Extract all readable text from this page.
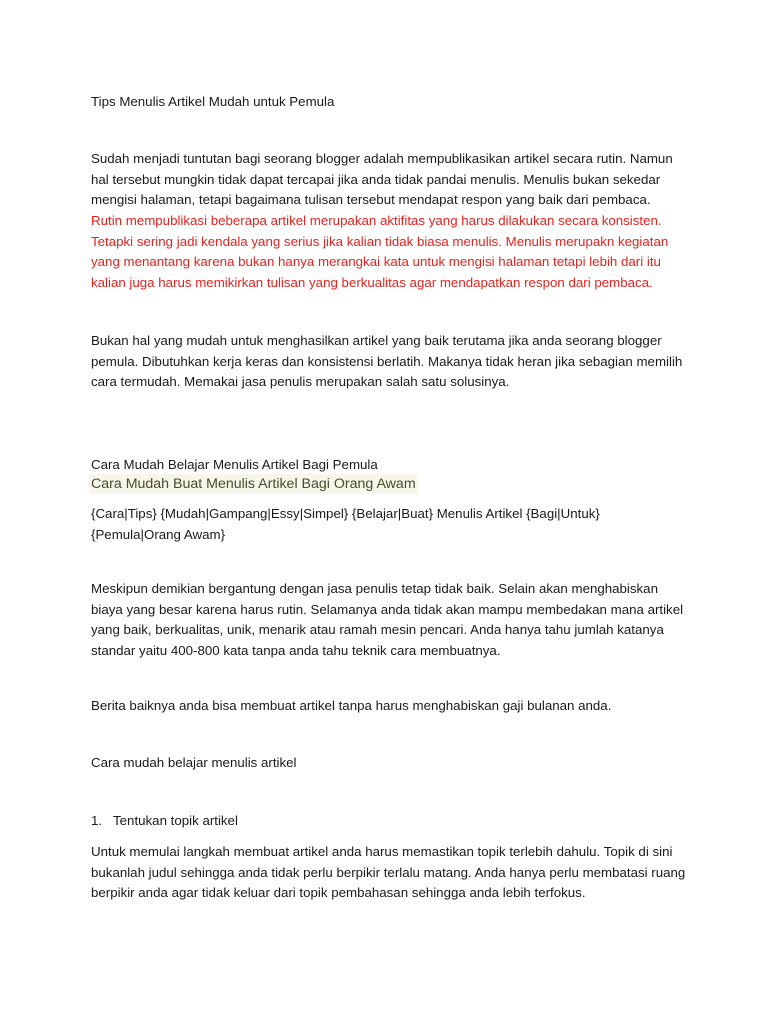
Tips Menulis Artikel Mudah untuk Pemula

Sudah menjadi tuntutan bagi seorang blogger adalah mempublikasikan artikel secara rutin. Namun hal tersebut mungkin tidak dapat tercapai jika anda tidak pandai menulis. Menulis bukan sekedar mengisi halaman, tetapi bagaimana tulisan tersebut mendapat respon yang baik dari pembaca.

Rutin mempublikasi beberapa artikel merupakan aktifitas yang harus dilakukan secara konsisten. Tetapki sering jadi kendala yang serius jika kalian tidak biasa menulis. Menulis merupakn kegiatan yang menantang karena bukan hanya merangkai kata untuk mengisi halaman tetapi lebih dari itu kalian juga harus memikirkan tulisan yang berkualitas agar mendapatkan respon dari pembaca.

Bukan hal yang mudah untuk menghasilkan artikel yang baik terutama jika anda seorang blogger pemula. Dibutuhkan kerja keras dan konsistensi berlatih. Makanya tidak heran jika sebagian memilih cara termudah. Memakai jasa penulis merupakan salah satu solusinya.

Cara Mudah Belajar Menulis Artikel Bagi Pemula

Cara Mudah Buat Menulis Artikel Bagi Orang Awam

{Cara|Tips} {Mudah|Gampang|Essy|Simpel} {Belajar|Buat} Menulis Artikel {Bagi|Untuk} {Pemula|Orang Awam}

Meskipun demikian bergantung dengan jasa penulis tetap tidak baik. Selain akan menghabiskan biaya yang besar karena harus rutin. Selamanya anda tidak akan mampu membedakan mana artikel yang baik, berkualitas, unik, menarik atau ramah mesin pencari. Anda hanya tahu jumlah katanya standar yaitu 400-800 kata tanpa anda tahu teknik cara membuatnya.

Berita baiknya anda bisa membuat artikel tanpa harus menghabiskan gaji bulanan anda.

Cara mudah belajar menulis artikel

1. Tentukan topik artikel

Untuk memulai langkah membuat artikel anda harus memastikan topik terlebih dahulu. Topik di sini bukanlah judul sehingga anda tidak perlu berpikir terlalu matang. Anda hanya perlu membatasi ruang berpikir anda agar tidak keluar dari topik pembahasan sehingga anda lebih terfokus.
